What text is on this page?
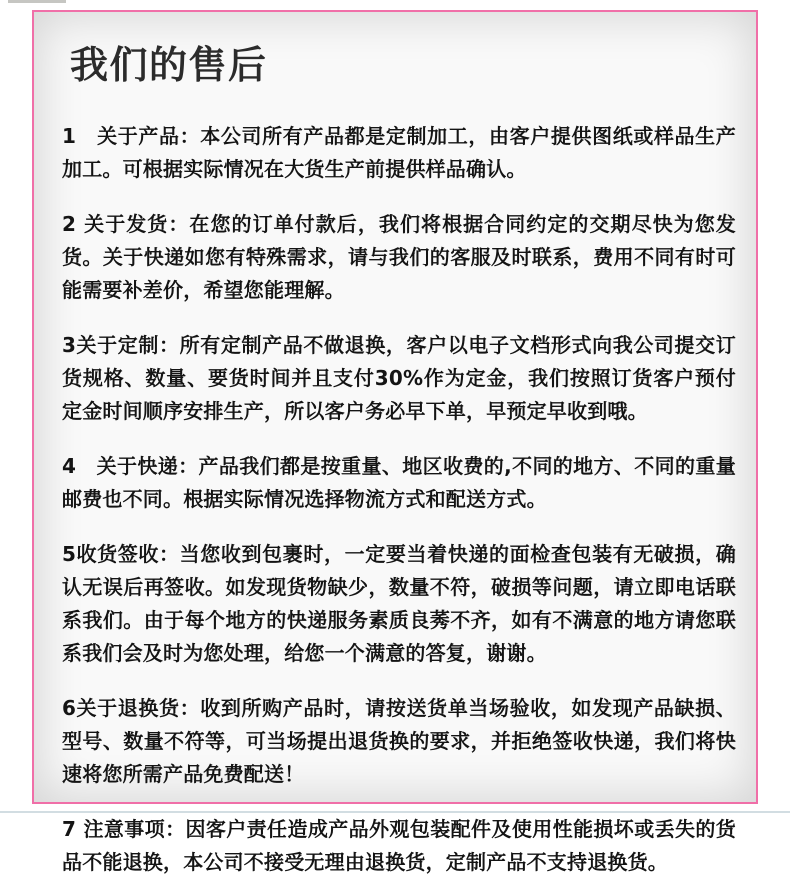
我们的售后

1　关于产品：本公司所有产品都是定制加工，由客户提供图纸或样品生产加工。可根据实际情况在大货生产前提供样品确认。

2 关于发货：在您的订单付款后，我们将根据合同约定的交期尽快为您发货。关于快递如您有特殊需求，请与我们的客服及时联系，费用不同有时可能需要补差价，希望您能理解。

3关于定制：所有定制产品不做退换，客户以电子文档形式向我公司提交订货规格、数量、要货时间并且支付30%作为定金，我们按照订货客户预付定金时间顺序安排生产，所以客户务必早下单，早预定早收到哦。

4　关于快递：产品我们都是按重量、地区收费的,不同的地方、不同的重量邮费也不同。根据实际情况选择物流方式和配送方式。

5收货签收：当您收到包裹时，一定要当着快递的面检查包装有无破损，确认无误后再签收。如发现货物缺少，数量不符，破损等问题，请立即电话联系我们。由于每个地方的快递服务素质良莠不齐，如有不满意的地方请您联系我们会及时为您处理，给您一个满意的答复，谢谢。

6关于退换货：收到所购产品时，请按送货单当场验收，如发现产品缺损、型号、数量不符等，可当场提出退货换的要求，并拒绝签收快递，我们将快速将您所需产品免费配送！

7 注意事项：因客户责任造成产品外观包装配件及使用性能损坏或丢失的货品不能退换，本公司不接受无理由退换货，定制产品不支持退换货。
